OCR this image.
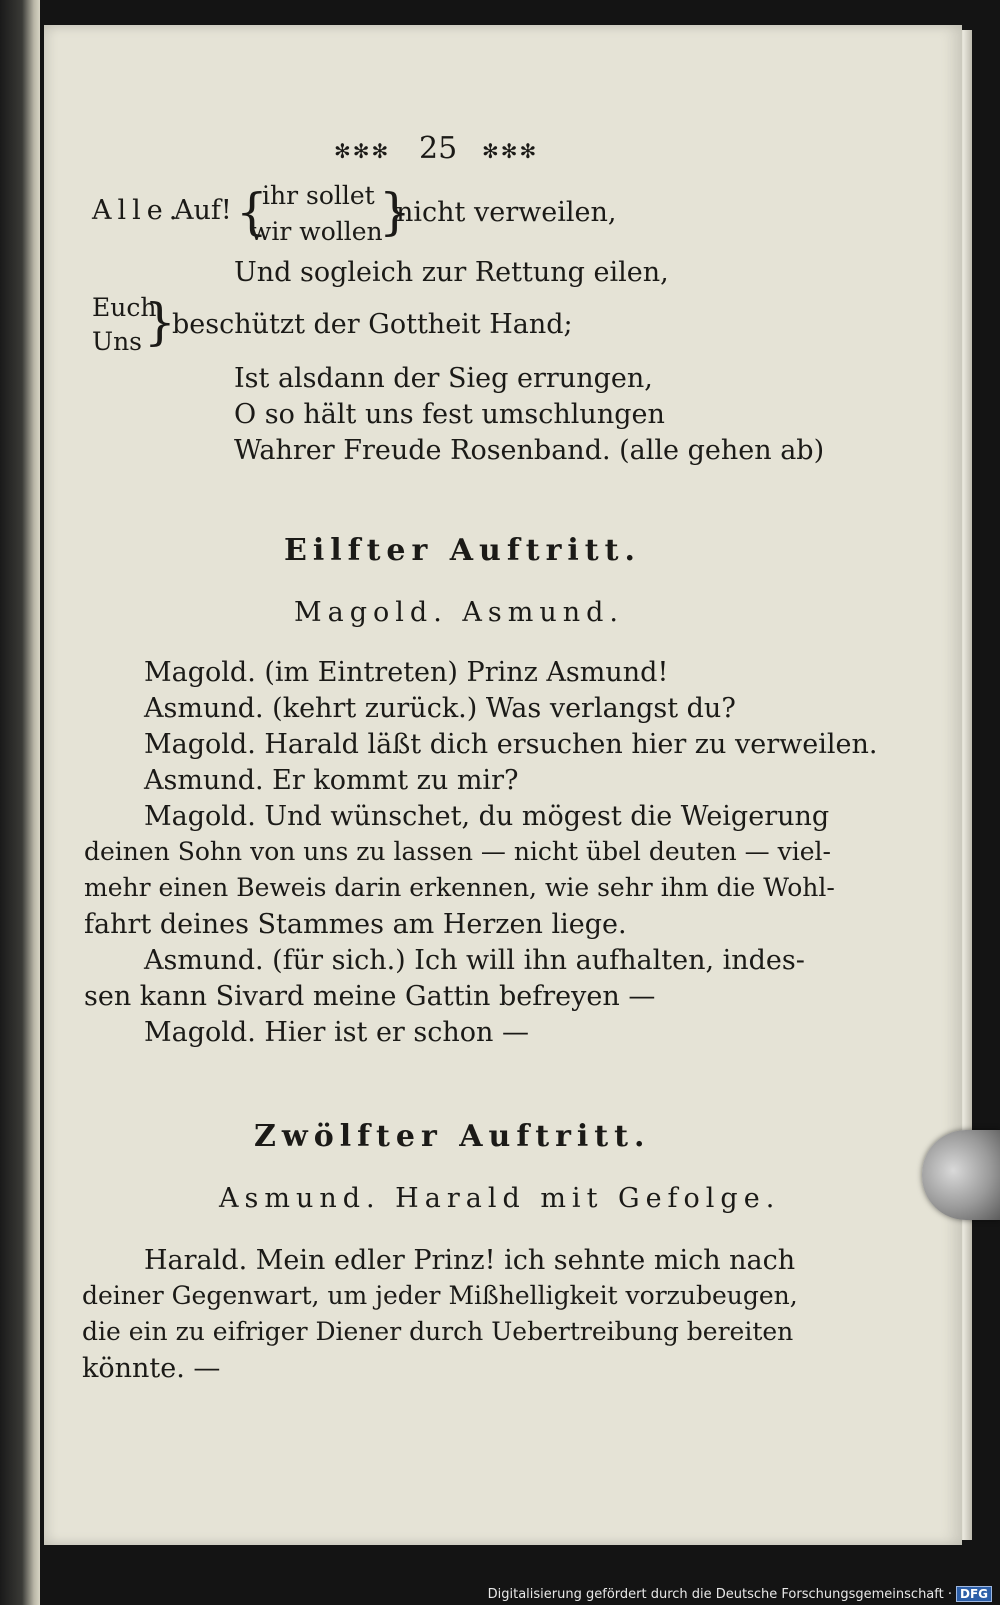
✻✻✻ 25 ✻✻✻
Alle.
Auf! {
ihr sollet
wir wollen
}
nicht verweilen,
Und sogleich zur Rettung eilen,
Euch
Uns }
beschützt der Gottheit Hand;
Ist alsdann der Sieg errungen,
O so hält uns fest umschlungen
Wahrer Freude Rosenband. (alle gehen ab)
Eilfter Auftritt.
Magold. Asmund.
Magold. (im Eintreten) Prinz Asmund!
Asmund. (kehrt zurück.) Was verlangst du?
Magold. Harald läßt dich ersuchen hier zu verweilen.
Asmund. Er kommt zu mir?
Magold. Und wünschet, du mögest die Weigerung
deinen Sohn von uns zu lassen — nicht übel deuten — viel-
mehr einen Beweis darin erkennen, wie sehr ihm die Wohl-
fahrt deines Stammes am Herzen liege.
Asmund. (für sich.) Ich will ihn aufhalten, indes-
sen kann Sivard meine Gattin befreyen —
Magold. Hier ist er schon —
Zwölfter Auftritt.
Asmund. Harald mit Gefolge.
Harald. Mein edler Prinz! ich sehnte mich nach
deiner Gegenwart, um jeder Mißhelligkeit vorzubeugen,
die ein zu eifriger Diener durch Uebertreibung bereiten
könnte. —
Digitalisierung gefördert durch die Deutsche Forschungsgemeinschaft · DFG
